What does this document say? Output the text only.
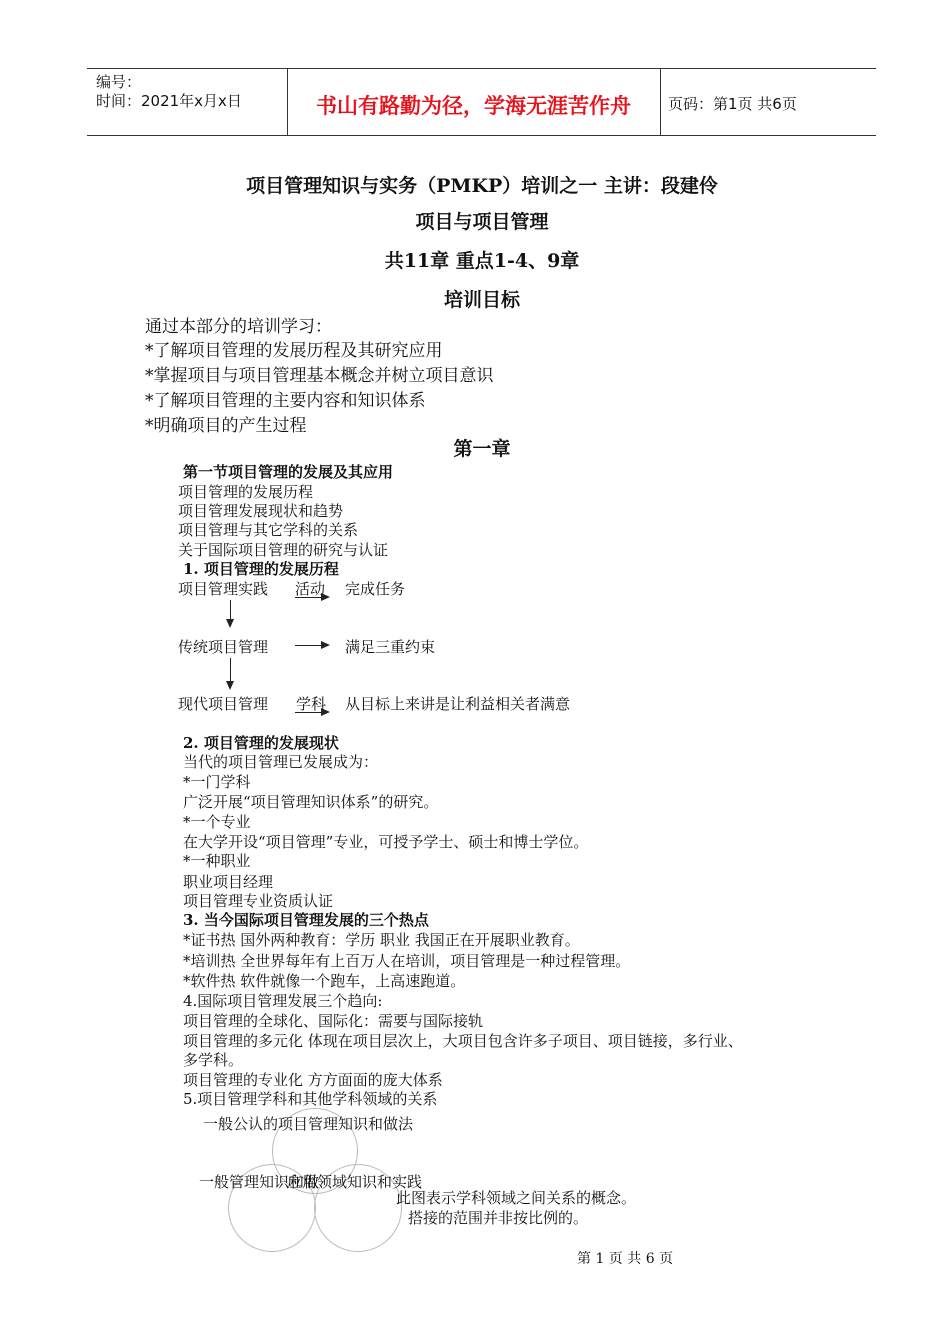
编号：
时间：2021年x月x日	书山有路勤为径，学海无涯苦作舟	页码：第1页 共6页
项目管理知识与实务（PMKP）培训之一 主讲：段建伶
项目与项目管理
共11章 重点1-4、9章
培训目标
通过本部分的培训学习：
*了解项目管理的发展历程及其研究应用
*掌握项目与项目管理基本概念并树立项目意识
*了解项目管理的主要内容和知识体系
*明确项目的产生过程
第一章
第一节项目管理的发展及其应用
项目管理的发展历程
项目管理发展现状和趋势
项目管理与其它学科的关系
关于国际项目管理的研究与认证
1. 项目管理的发展历程
项目管理实践 活动 完成任务
传统项目管理	满足三重约束
现代项目管理 学科 从目标上来讲是让利益相关者满意
2. 项目管理的发展现状
当代的项目管理已发展成为：
*一门学科
广泛开展“项目管理知识体系”的研究。
*一个专业
在大学开设“项目管理”专业，可授予学士、硕士和博士学位。
*一种职业
职业项目经理
项目管理专业资质认证
3. 当今国际项目管理发展的三个热点
*证书热 国外两种教育：学历 职业 我国正在开展职业教育。
*培训热 全世界每年有上百万人在培训，项目管理是一种过程管理。
*软件热 软件就像一个跑车，上高速跑道。
4.国际项目管理发展三个趋向:
项目管理的全球化、国际化：需要与国际接轨
项目管理的多元化 体现在项目层次上，大项目包含许多子项目、项目链接，多行业、
多学科。
项目管理的专业化 方方面面的庞大体系
5.项目管理学科和其他学科领域的关系
一般公认的项目管理知识和做法
一般管理知识和做
应用领域知识和实践
此图表示学科领域之间关系的概念。
搭接的范围并非按比例的。
第 1 页 共 6 页
